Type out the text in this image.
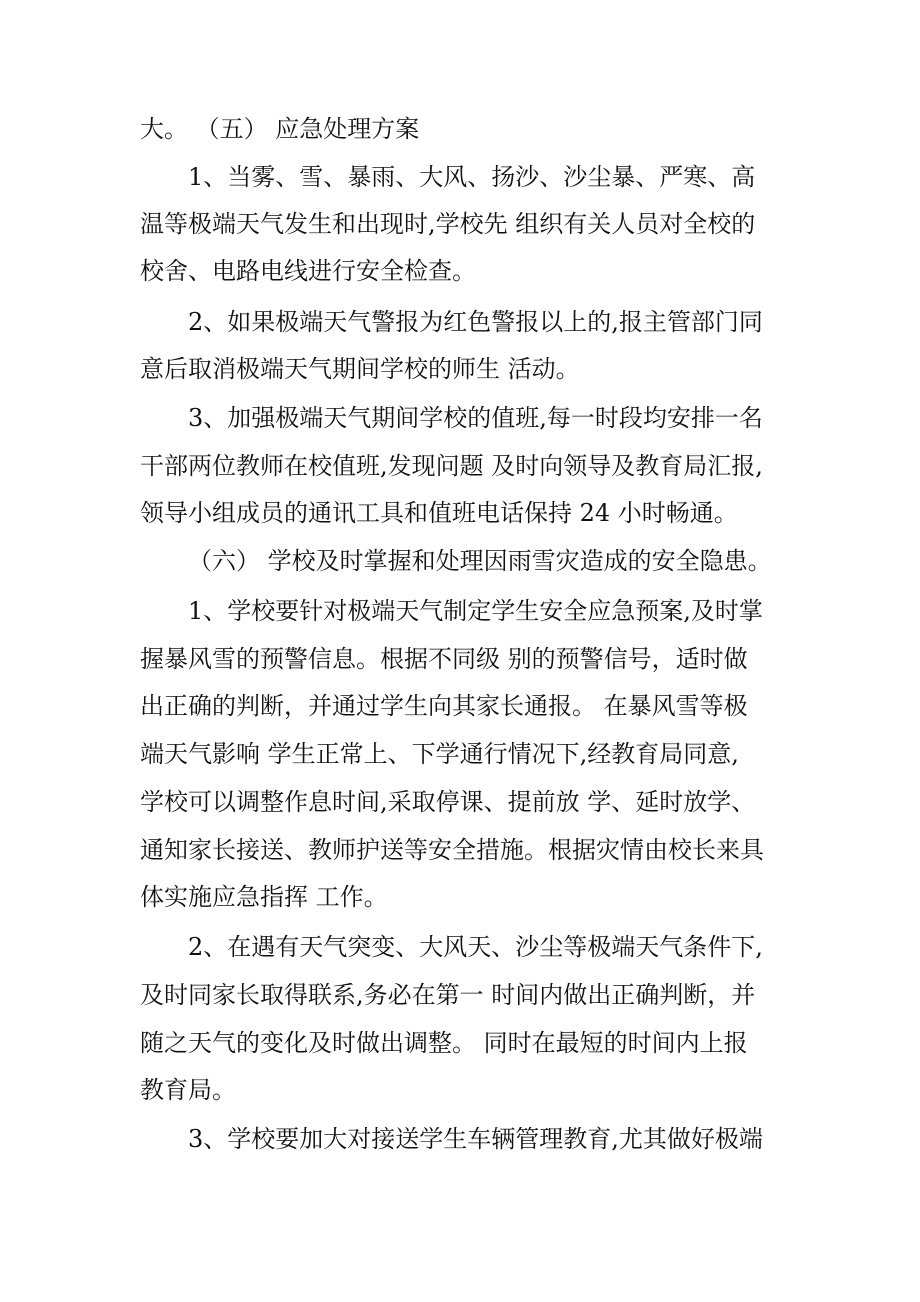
大。 （五） 应急处理方案
1、当雾、雪、暴雨、大风、扬沙、沙尘暴、严寒、高
温等极端天气发生和出现时,学校先 组织有关人员对全校的
校舍、电路电线进行安全检查。
2、如果极端天气警报为红色警报以上的,报主管部门同
意后取消极端天气期间学校的师生 活动。
3、加强极端天气期间学校的值班,每一时段均安排一名
干部两位教师在校值班,发现问题 及时向领导及教育局汇报,
领导小组成员的通讯工具和值班电话保持 24 小时畅通。
（六） 学校及时掌握和处理因雨雪灾造成的安全隐患。
1、学校要针对极端天气制定学生安全应急预案,及时掌
握暴风雪的预警信息。根据不同级 别的预警信号，适时做
出正确的判断，并通过学生向其家长通报。 在暴风雪等极
端天气影响 学生正常上、下学通行情况下,经教育局同意,
学校可以调整作息时间,采取停课、提前放 学、延时放学、
通知家长接送、教师护送等安全措施。根据灾情由校长来具
体实施应急指挥 工作。
2、在遇有天气突变、大风天、沙尘等极端天气条件下,
及时同家长取得联系,务必在第一 时间内做出正确判断，并
随之天气的变化及时做出调整。 同时在最短的时间内上报
教育局。
3、学校要加大对接送学生车辆管理教育,尤其做好极端
